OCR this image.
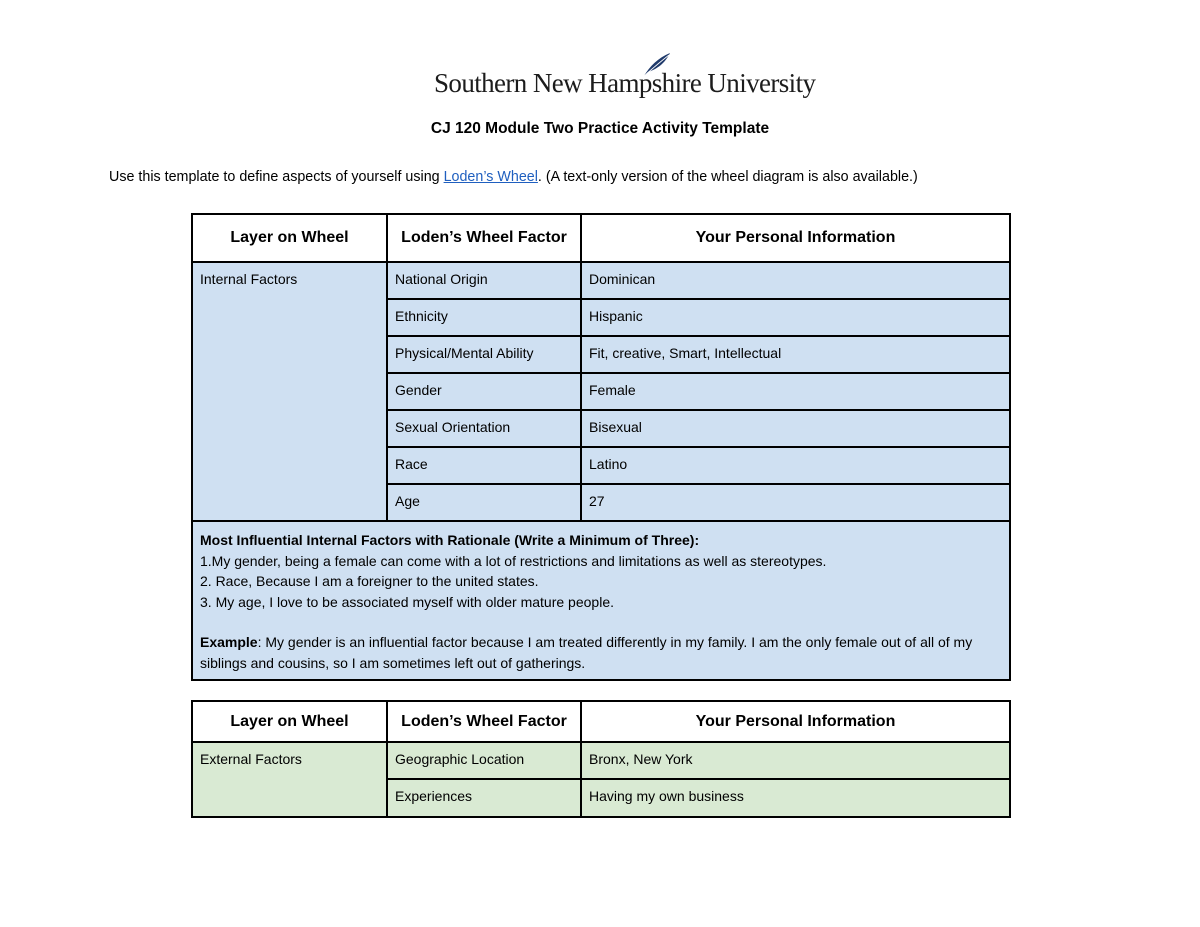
Southern New Hampshire University
CJ 120 Module Two Practice Activity Template
Use this template to define aspects of yourself using Loden’s Wheel. (A text-only version of the wheel diagram is also available.)
Layer on Wheel	Loden’s Wheel Factor	Your Personal Information
Internal Factors	National Origin	Dominican
	Ethnicity	Hispanic
	Physical/Mental Ability	Fit, creative, Smart, Intellectual
	Gender	Female
	Sexual Orientation	Bisexual
	Race	Latino
	Age	27

Most Influential Internal Factors with Rationale (Write a Minimum of Three):
1.My gender, being a female can come with a lot of restrictions and limitations as well as stereotypes.
2. Race, Because I am a foreigner to the united states.
3. My age, I love to be associated myself with older mature people.
Example: My gender is an influential factor because I am treated differently in my family. I am the only female out of all of my siblings and cousins, so I am sometimes left out of gatherings.		
Layer on Wheel	Loden’s Wheel Factor	Your Personal Information
External Factors	Geographic Location	Bronx, New York
	Experiences	Having my own business
